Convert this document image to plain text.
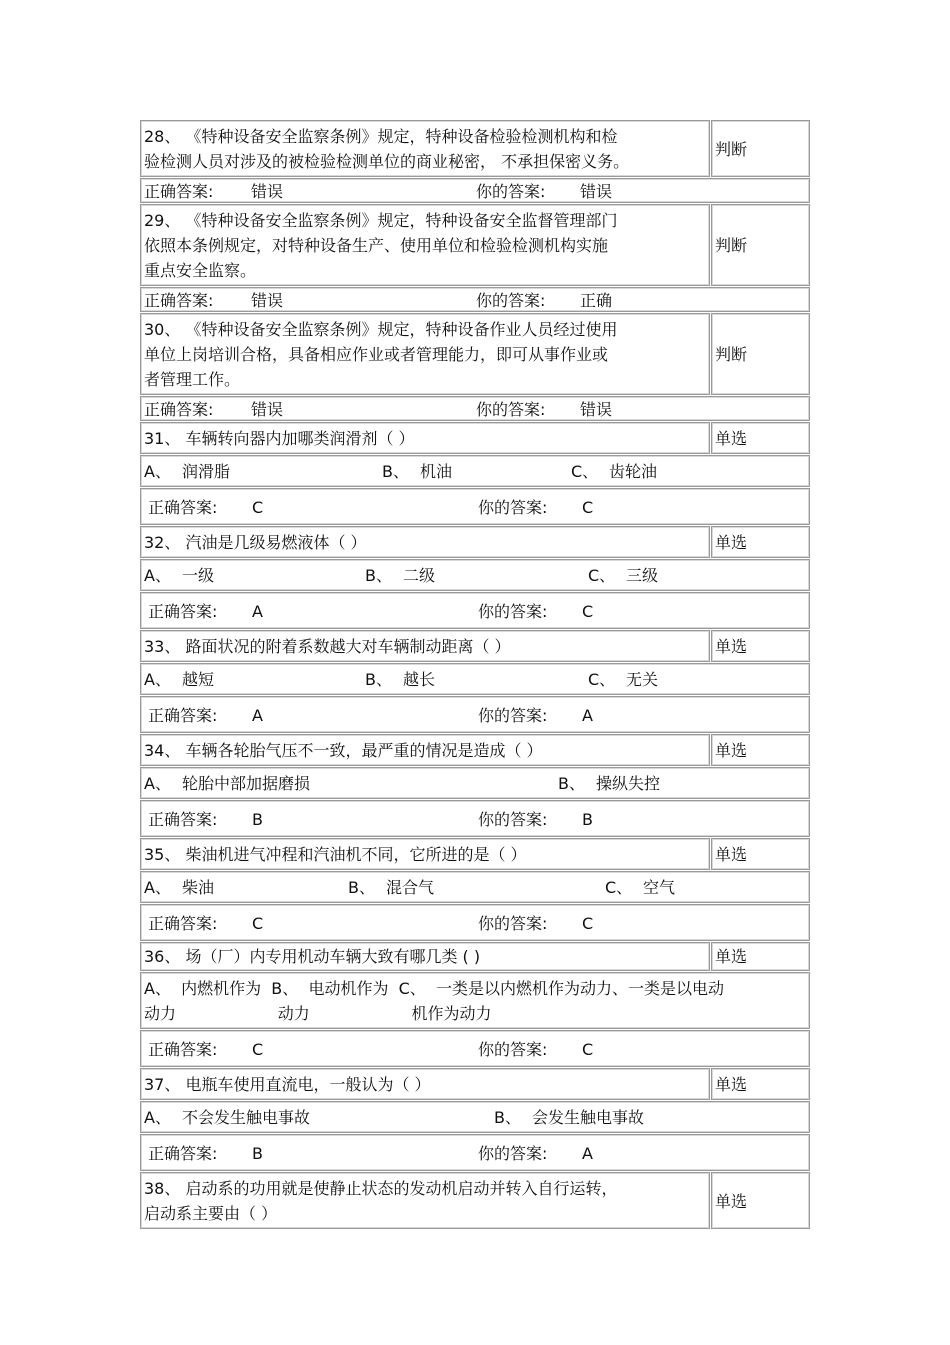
28、 《特种设备安全监察条例》规定，特种设备检验检测机构和检
验检测人员对涉及的被检验检测单位的商业秘密， 不承担保密义务。
判断
正确答案:	错误	你的答案:	错误
29、 《特种设备安全监察条例》规定，特种设备安全监督管理部门
依照本条例规定，对特种设备生产、使用单位和检验检测机构实施
重点安全监察。
判断
正确答案:	错误	你的答案:	正确
30、 《特种设备安全监察条例》规定，特种设备作业人员经过使用
单位上岗培训合格，具备相应作业或者管理能力，即可从事作业或
者管理工作。
判断
正确答案:	错误	你的答案:	错误
31、 车辆转向器内加哪类润滑剂（ ）	单选
A、 润滑脂	B、 机油	C、 齿轮油
正确答案:	C	你的答案:	C
32、 汽油是几级易燃液体（ ）	单选
A、 一级	B、 二级	C、 三级
正确答案:	A	你的答案:	C
33、 路面状况的附着系数越大对车辆制动距离（ ）	单选
A、 越短	B、 越长	C、 无关
正确答案:	A	你的答案:	A
34、 车辆各轮胎气压不一致，最严重的情况是造成（ ）	单选
A、 轮胎中部加据磨损	B、 操纵失控
正确答案:	B	你的答案:	B
35、 柴油机进气冲程和汽油机不同，它所进的是（ ）	单选
A、 柴油	B、 混合气	C、 空气
正确答案:	C	你的答案:	C
36、 场（厂）内专用机动车辆大致有哪几类 ( )	单选
A、  内燃机作为  B、  电动机作为  C、  一类是以内燃机作为动力、一类是以电动
动力                    动力                    机作为动力
正确答案:	C	你的答案:	C
37、 电瓶车使用直流电，一般认为（ ）	单选
A、 不会发生触电事故	B、 会发生触电事故
正确答案:	B	你的答案:	A
38、 启动系的功用就是使静止状态的发动机启动并转入自行运转，
启动系主要由（ ）
单选
